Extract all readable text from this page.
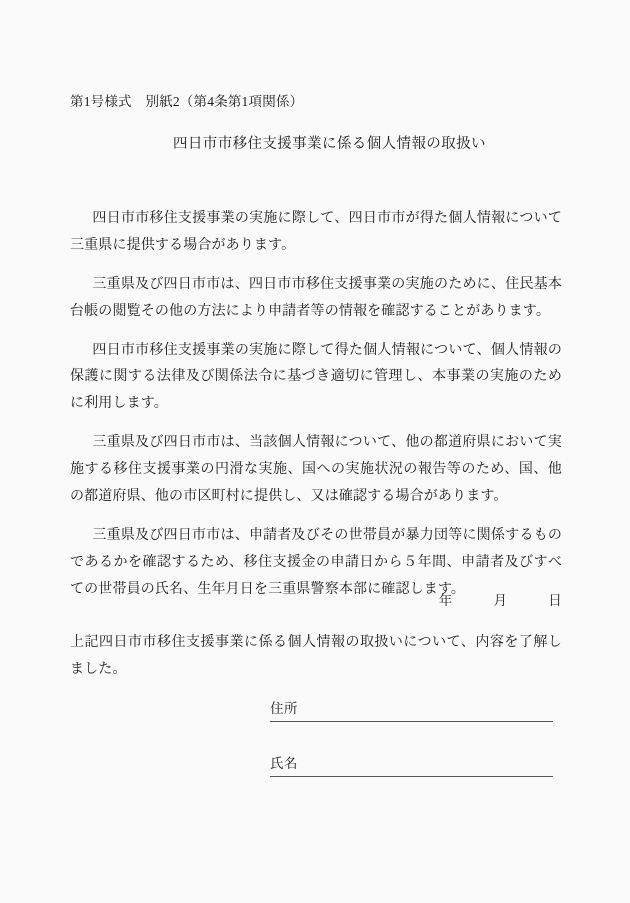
第1号様式　別紙2（第4条第1項関係）
四日市市移住支援事業に係る個人情報の取扱い

四日市市移住支援事業の実施に際して、四日市市が得た個人情報について三重県に提供する場合があります。

三重県及び四日市市は、四日市市移住支援事業の実施のために、住民基本台帳の閲覧その他の方法により申請者等の情報を確認することがあります。

四日市市移住支援事業の実施に際して得た個人情報について、個人情報の保護に関する法律及び関係法令に基づき適切に管理し、本事業の実施のために利用します。

三重県及び四日市市は、当該個人情報について、他の都道府県において実施する移住支援事業の円滑な実施、国への実施状況の報告等のため、国、他の都道府県、他の市区町村に提供し、又は確認する場合があります。

三重県及び四日市市は、申請者及びその世帯員が暴力団等に関係するものであるかを確認するため、移住支援金の申請日から５年間、申請者及びすべての世帯員の氏名、生年月日を三重県警察本部に確認します。

年　　　月　　　日

上記四日市市移住支援事業に係る個人情報の取扱いについて、内容を了解しました。

住所
氏名
